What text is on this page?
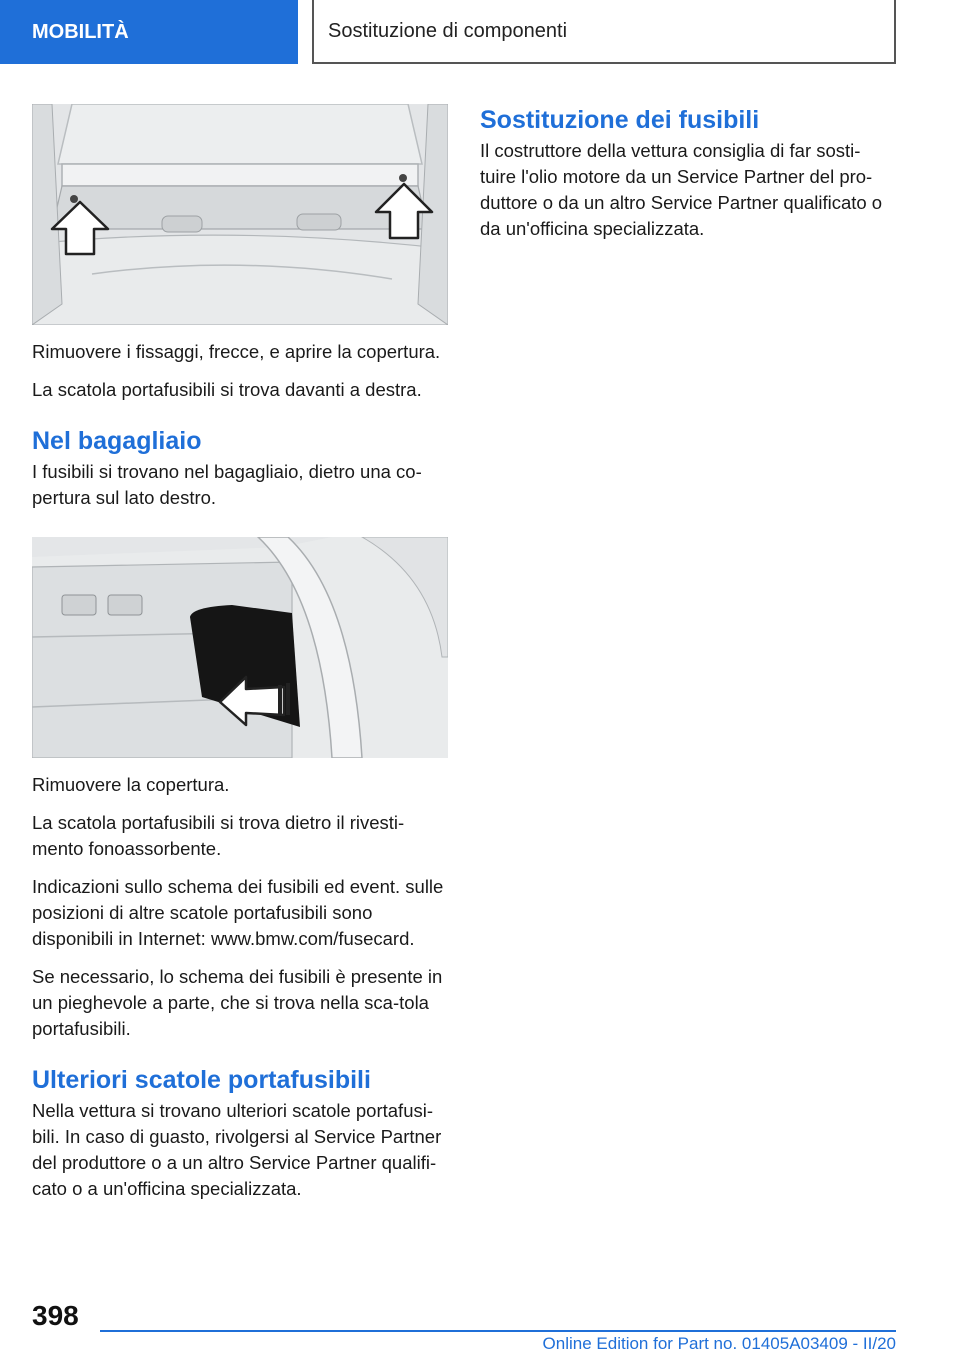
MOBILITÀ	Sostituzione di componenti

Rimuovere i fissaggi, frecce, e aprire la copertura.

La scatola portafusibili si trova davanti a destra.

Nel bagagliaio

I fusibili si trovano nel bagagliaio, dietro una co-pertura sul lato destro.

Rimuovere la copertura.

La scatola portafusibili si trova dietro il rivesti-mento fonoassorbente.

Indicazioni sullo schema dei fusibili ed event. sulle posizioni di altre scatole portafusibili sono disponibili in Internet: www.bmw.com/fusecard.

Se necessario, lo schema dei fusibili è presente in un pieghevole a parte, che si trova nella sca-tola portafusibili.

Ulteriori scatole portafusibili

Nella vettura si trovano ulteriori scatole portafusi-bili. In caso di guasto, rivolgersi al Service Partner del produttore o a un altro Service Partner qualifi-cato o a un'officina specializzata.

Sostituzione dei fusibili

Il costruttore della vettura consiglia di far sosti-tuire l'olio motore da un Service Partner del pro-duttore o da un altro Service Partner qualificato o da un'officina specializzata.

398
Online Edition for Part no. 01405A03409 - II/20
